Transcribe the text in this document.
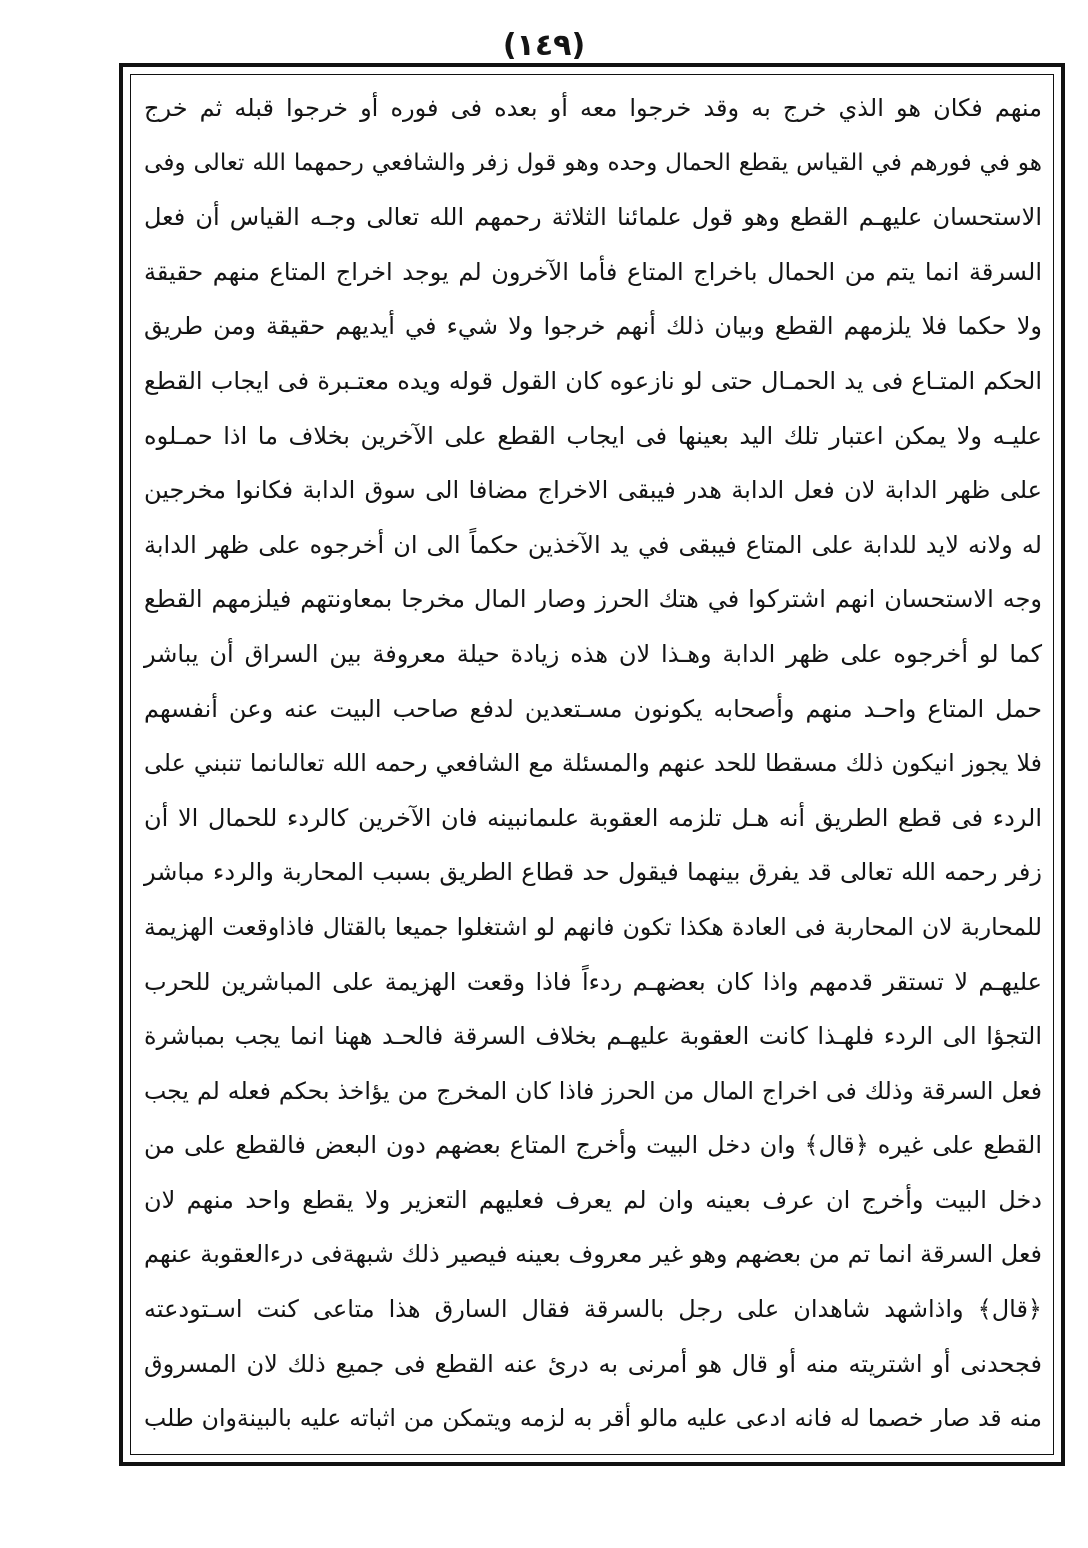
(١٤٩)
منهم فكان هو الذي خرج به وقد خرجوا معه أو بعده فى فوره أو خرجوا قبله ثم خرج
هو في فورهم في القياس يقطع الحمال وحده وهو قول زفر والشافعي رحمهما الله تعالى وفى
الاستحسان عليهـم القطع وهو قول علمائنا الثلاثة رحمهم الله تعالى وجـه القياس أن فعل
السرقة انما يتم من الحمال باخراج المتاع فأما الآخرون لم يوجد اخراج المتاع منهم حقيقة
ولا حكما فلا يلزمهم القطع وبيان ذلك أنهم خرجوا ولا شيء في أيديهم حقيقة ومن طريق
الحكم المتـاع فى يد الحمـال حتى لو نازعوه كان القول قوله ويده معتـبرة فى ايجاب القطع
عليـه ولا يمكن اعتبار تلك اليد بعينها فى ايجاب القطع على الآخرين بخلاف ما اذا حمـلوه
على ظهر الدابة لان فعل الدابة هدر فيبقى الاخراج مضافا الى سوق الدابة فكانوا مخرجين
له ولانه لايد للدابة على المتاع فيبقى في يد الآخذين حكماً الى ان أخرجوه على ظهر الدابة
وجه الاستحسان انهم اشتركوا في هتك الحرز وصار المال مخرجا بمعاونتهم فيلزمهم القطع
كما لو أخرجوه على ظهر الدابة وهـذا لان هذه زيادة حيلة معروفة بين السراق أن يباشر
حمل المتاع واحـد منهم وأصحابه يكونون مسـتعدين لدفع صاحب البيت عنه وعن أنفسهم
فلا يجوز انيكون ذلك مسقطا للحد عنهم والمسئلة مع الشافعي رحمه الله تعالىانما تنبني على
الردء فى قطع الطريق أنه هـل تلزمه العقوبة علىمانبينه فان الآخرين كالردء للحمال الا أن
زفر رحمه الله تعالى قد يفرق بينهما فيقول حد قطاع الطريق بسبب المحاربة والردء مباشر
للمحاربة لان المحاربة فى العادة هكذا تكون فانهم لو اشتغلوا جميعا بالقتال فاذاوقعت الهزيمة
عليهـم لا تستقر قدمهم واذا كان بعضهـم ردءاً فاذا وقعت الهزيمة على المباشرين للحرب
التجؤا الى الردء فلهـذا كانت العقوبة عليهـم بخلاف السرقة فالحـد ههنا انما يجب بمباشرة
فعل السرقة وذلك فى اخراج المال من الحرز فاذا كان المخرج من يؤاخذ بحكم فعله لم يجب
القطع على غيره ﴿قال﴾ وان دخل البيت وأخرج المتاع بعضهم دون البعض فالقطع على من
دخل البيت وأخرج ان عرف بعينه وان لم يعرف فعليهم التعزير ولا يقطع واحد منهم لان
فعل السرقة انما تم من بعضهم وهو غير معروف بعينه فيصير ذلك شبهةفى درءالعقوبة عنهم
﴿قال﴾ واذاشهد شاهدان على رجل بالسرقة فقال السارق هذا متاعى كنت اسـتودعته
فجحدنى أو اشتريته منه أو قال هو أمرنى به درئ عنه القطع فى جميع ذلك لان المسروق
منه قد صار خصما له فانه ادعى عليه مالو أقر به لزمه ويتمكن من اثباته عليه بالبينةوان طلب
